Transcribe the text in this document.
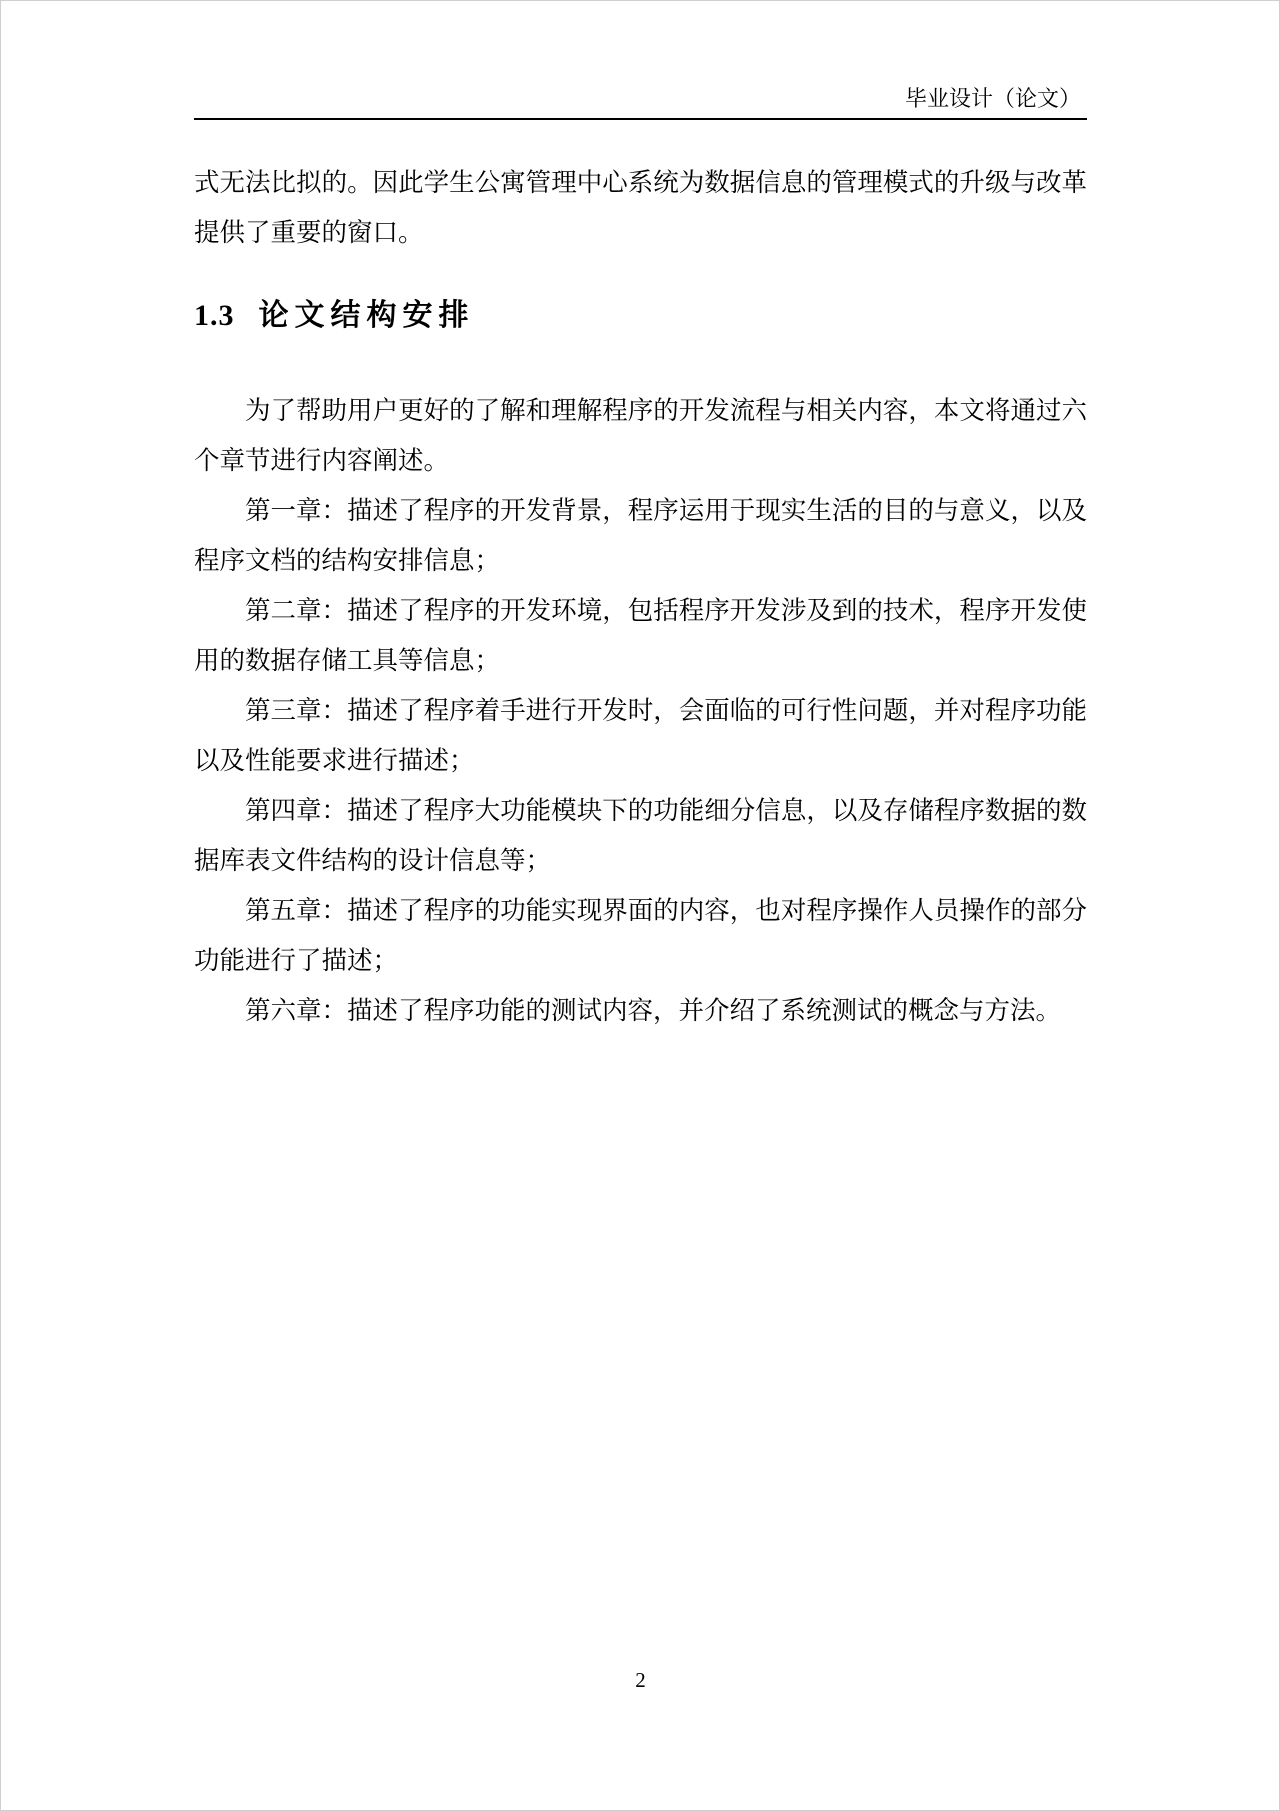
毕业设计（论文）
式无法比拟的。因此学生公寓管理中心系统为数据信息的管理模式的升级与改革提供了重要的窗口。
1.3 论文结构安排

为了帮助用户更好的了解和理解程序的开发流程与相关内容，本文将通过六个章节进行内容阐述。

第一章：描述了程序的开发背景，程序运用于现实生活的目的与意义，以及程序文档的结构安排信息；

第二章：描述了程序的开发环境，包括程序开发涉及到的技术，程序开发使用的数据存储工具等信息；

第三章：描述了程序着手进行开发时，会面临的可行性问题，并对程序功能以及性能要求进行描述；

第四章：描述了程序大功能模块下的功能细分信息，以及存储程序数据的数据库表文件结构的设计信息等；

第五章：描述了程序的功能实现界面的内容，也对程序操作人员操作的部分功能进行了描述；

第六章：描述了程序功能的测试内容，并介绍了系统测试的概念与方法。

2
